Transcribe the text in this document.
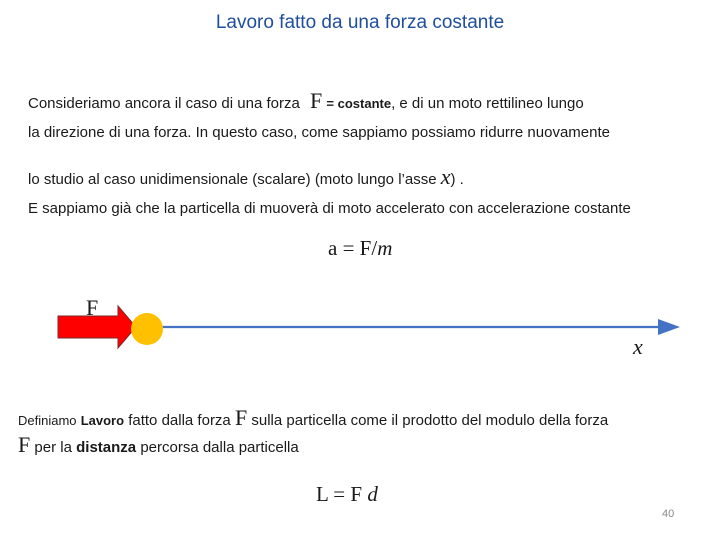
Lavoro fatto da una forza costante
Consideriamo ancora il caso di una forza F = costante, e di un moto rettilineo lungo
la direzione di una forza. In questo caso, come sappiamo possiamo ridurre nuovamente
lo studio al caso unidimensionale (scalare) (moto lungo l’asse x) .
E sappiamo già che la particella di muoverà di moto accelerato con accelerazione costante
a = F/m
F
x
Definiamo Lavoro fatto dalla forza F sulla particella come il prodotto del modulo della forza
F per la distanza percorsa dalla particella
L = F d
40
